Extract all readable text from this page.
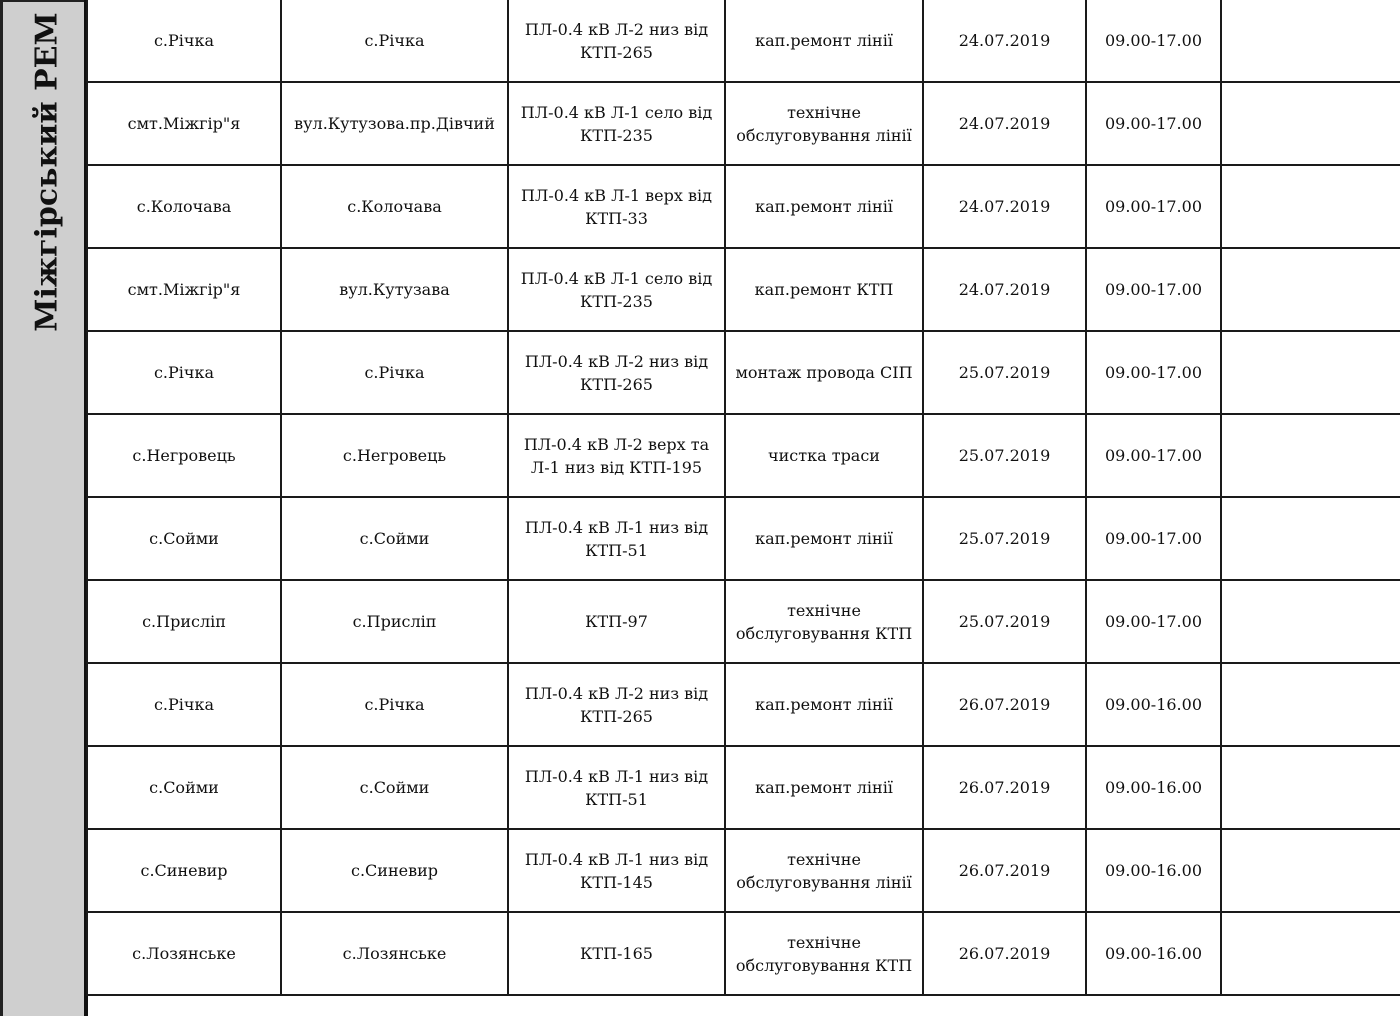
Міжгірський РЕМ	с.Річка	с.Річка	ПЛ-0.4 кВ Л-2 низ від КТП-265	кап.ремонт лінії	24.07.2019	09.00-17.00	
смт.Міжгір"я	вул.Кутузова.пр.Дівчий	ПЛ-0.4 кВ Л-1 село від КТП-235	технічне обслуговування лінії	24.07.2019	09.00-17.00	
с.Колочава	с.Колочава	ПЛ-0.4 кВ Л-1 верх від КТП-33	кап.ремонт лінії	24.07.2019	09.00-17.00	
смт.Міжгір"я	вул.Кутузава	ПЛ-0.4 кВ Л-1 село від КТП-235	кап.ремонт КТП	24.07.2019	09.00-17.00	
с.Річка	с.Річка	ПЛ-0.4 кВ Л-2 низ від КТП-265	монтаж провода СІП	25.07.2019	09.00-17.00	
с.Негровець	с.Негровець	ПЛ-0.4 кВ Л-2 верх та Л-1 низ від КТП-195	чистка траси	25.07.2019	09.00-17.00	
с.Сойми	с.Сойми	ПЛ-0.4 кВ Л-1 низ від КТП-51	кап.ремонт лінії	25.07.2019	09.00-17.00	
с.Прислiп	с.Прислiп	КТП-97	технічне обслуговування КТП	25.07.2019	09.00-17.00	
с.Річка	с.Річка	ПЛ-0.4 кВ Л-2 низ від КТП-265	кап.ремонт лінії	26.07.2019	09.00-16.00	
с.Сойми	с.Сойми	ПЛ-0.4 кВ Л-1 низ від КТП-51	кап.ремонт лінії	26.07.2019	09.00-16.00	
с.Синевир	с.Синевир	ПЛ-0.4 кВ Л-1 низ від КТП-145	технічне обслуговування лінії	26.07.2019	09.00-16.00	
с.Лозянське	с.Лозянське	КТП-165	технічне обслуговування КТП	26.07.2019	09.00-16.00	
